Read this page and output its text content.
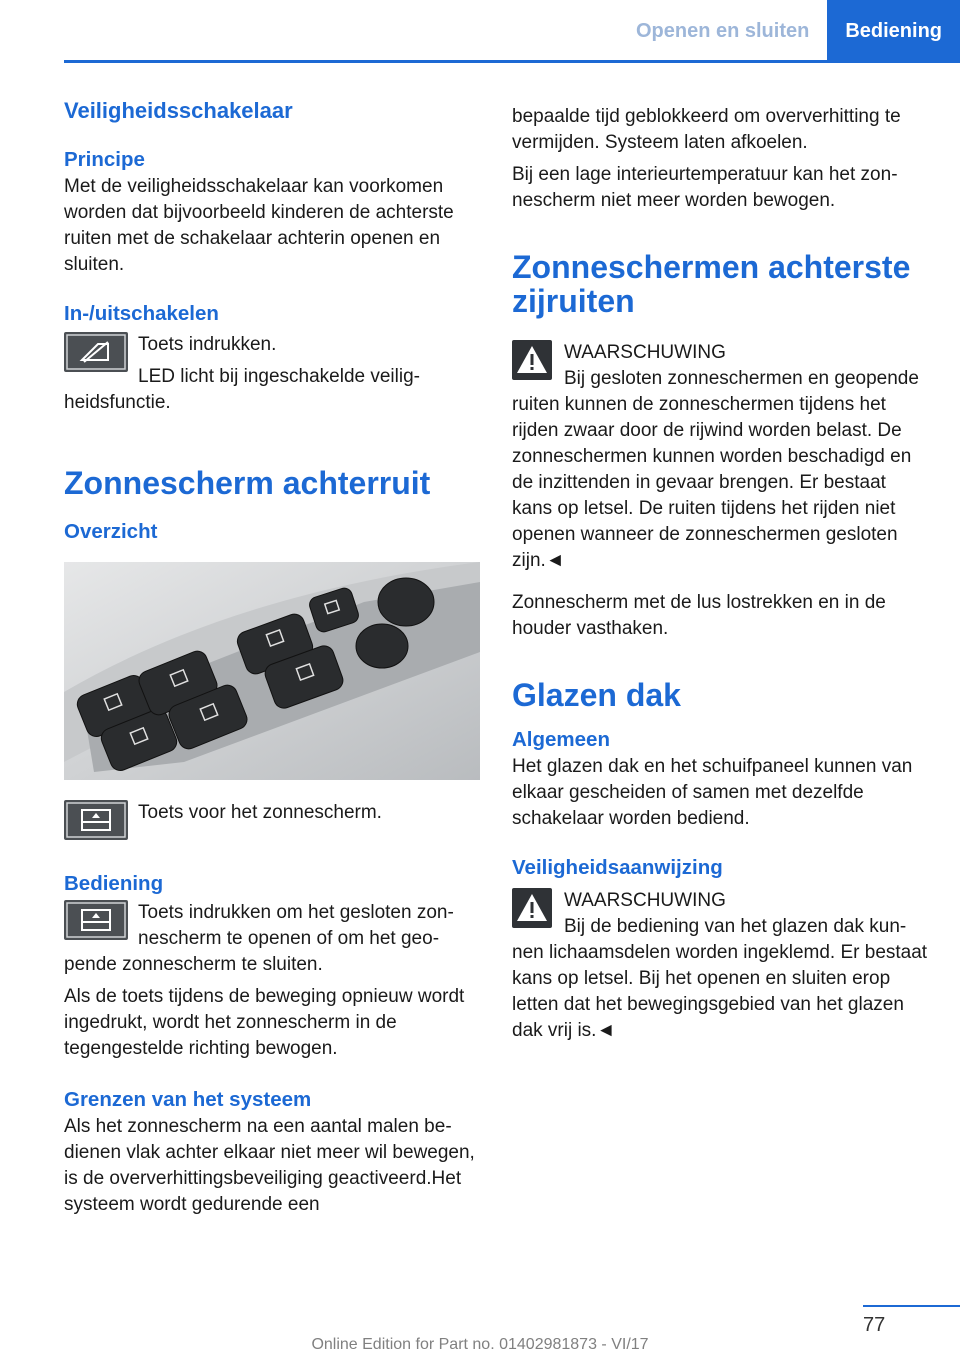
Openen en sluiten	Bediening
Veiligheidsschakelaar
Principe

Met de veiligheidsschakelaar kan voorkomen worden dat bijvoorbeeld kinderen de achterste ruiten met de schakelaar achterin openen en sluiten.

In-/uitschakelen

Toets indrukken.

LED licht bij ingeschakelde veiligheidsfunctie.

Zonnescherm achterruit
Overzicht

Toets voor het zonnescherm.

Bediening

Toets indrukken om het gesloten zonnescherm te openen of om het geopende zonnescherm te sluiten.

Als de toets tijdens de beweging opnieuw wordt ingedrukt, wordt het zonnescherm in de tegengestelde richting bewogen.

Grenzen van het systeem

Als het zonnescherm na een aantal malen bedienen vlak achter elkaar niet meer wil bewegen, is de oververhittingsbeveiliging geactiveerd.Het systeem wordt gedurende een

bepaalde tijd geblokkeerd om oververhitting te vermijden. Systeem laten afkoelen.

Bij een lage interieurtemperatuur kan het zonnescherm niet meer worden bewogen.

Zonneschermen achterste zijruiten

WAARSCHUWING

Bij gesloten zonneschermen en geopende ruiten kunnen de zonneschermen tijdens het rijden zwaar door de rijwind worden belast. De zonneschermen kunnen worden beschadigd en de inzittenden in gevaar brengen. Er bestaat kans op letsel. De ruiten tijdens het rijden niet openen wanneer de zonneschermen gesloten zijn.◄

Zonnescherm met de lus lostrekken en in de houder vasthaken.

Glazen dak
Algemeen

Het glazen dak en het schuifpaneel kunnen van elkaar gescheiden of samen met dezelfde schakelaar worden bediend.

Veiligheidsaanwijzing

WAARSCHUWING

Bij de bediening van het glazen dak kunnen lichaamsdelen worden ingeklemd. Er bestaat kans op letsel. Bij het openen en sluiten erop letten dat het bewegingsgebied van het glazen dak vrij is.◄

77
Online Edition for Part no. 01402981873 - VI/17
